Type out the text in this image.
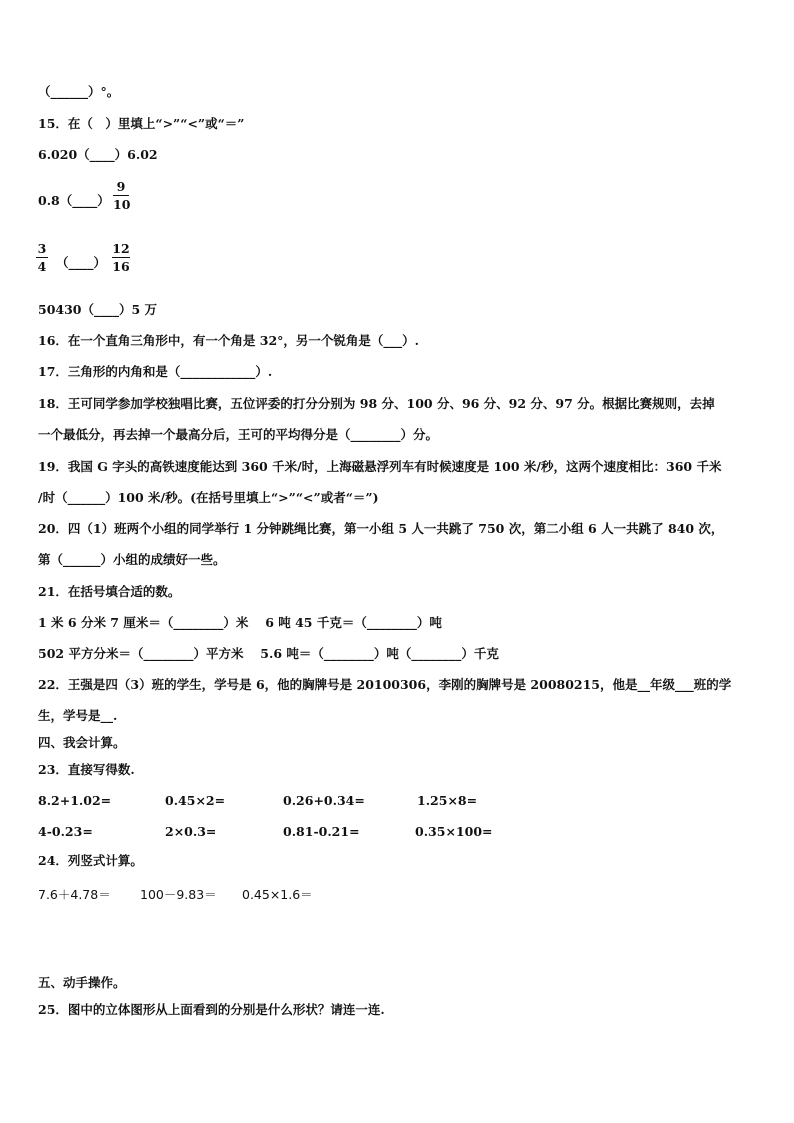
（______）°。
15．在（　）里填上“>”“<”或“＝”
6.020（____）6.02
0.8（____）
9
10
3
4 （____）
12
16
50430（____）5 万
16．在一个直角三角形中，有一个角是 32°，另一个锐角是（___）.
17．三角形的内角和是（____________）.
18．王可同学参加学校独唱比赛，五位评委的打分分别为 98 分、100 分、96 分、92 分、97 分。根据比赛规则，去掉
一个最低分，再去掉一个最高分后，王可的平均得分是（________）分。
19．我国 G 字头的高铁速度能达到 360 千米/时，上海磁悬浮列车有时候速度是 100 米/秒，这两个速度相比：360 千米
/时（______）100 米/秒。(在括号里填上“>”“<”或者“＝”)
20．四（1）班两个小组的同学举行 1 分钟跳绳比赛，第一小组 5 人一共跳了 750 次，第二小组 6 人一共跳了 840 次，
第（______）小组的成绩好一些。
21．在括号填合适的数。
1 米 6 分米 7 厘米＝（________）米　 6 吨 45 千克＝（________）吨
502 平方分米＝（________）平方米　 5.6 吨＝（________）吨（________）千克
22．王强是四（3）班的学生，学号是 6，他的胸牌号是 20100306，李刚的胸牌号是 20080215，他是__年级___班的学
生，学号是__.
四、我会计算。
23．直接写得数.
8.2+1.02=	0.45×2=	0.26+0.34=	1.25×8=
4-0.23=	2×0.3=	0.81-0.21=	0.35×100=
24．列竖式计算。
7.6＋4.78＝ 100－9.83＝ 0.45×1.6＝
五、动手操作。
25．图中的立体图形从上面看到的分别是什么形状？请连一连.
